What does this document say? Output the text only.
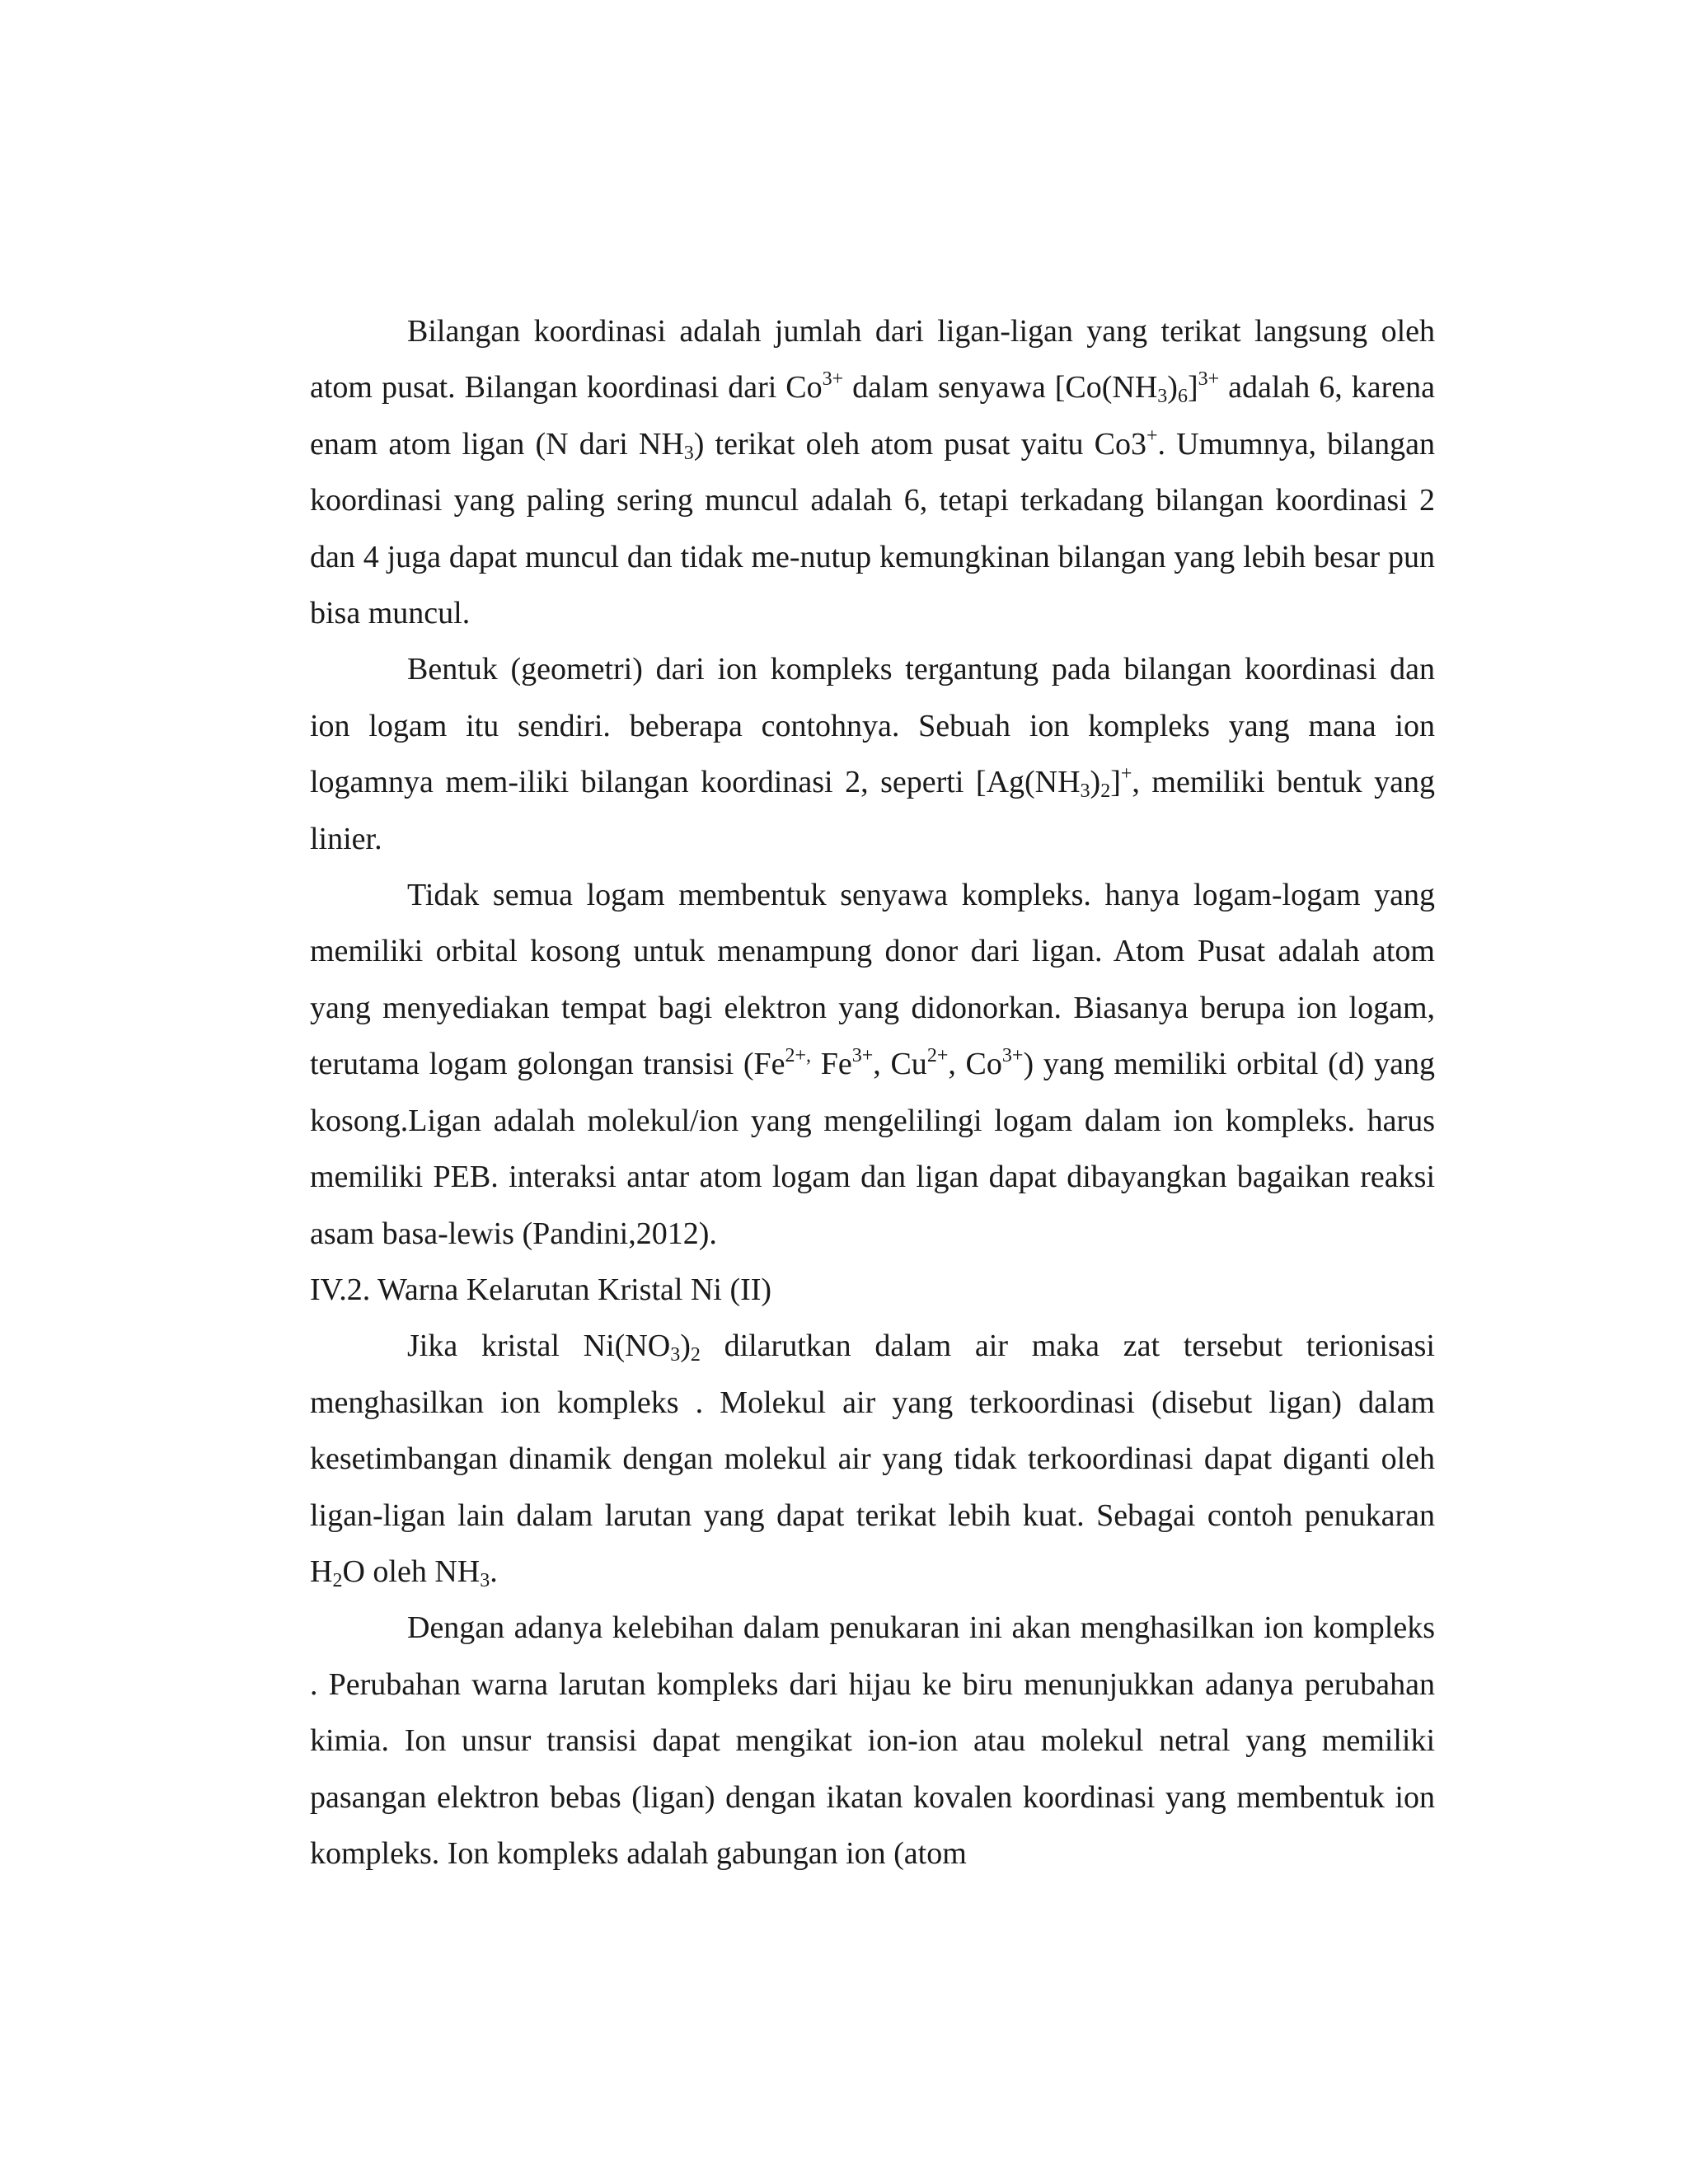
Bilangan koordinasi adalah jumlah dari ligan-ligan yang terikat langsung oleh atom pusat. Bilangan koordinasi dari $Co^{3+}$ dalam senyawa $[Co(NH_3)_6]^{3+}$ adalah 6, karena enam atom ligan (N dari $NH_3$) terikat oleh atom pusat yaitu Co3+. Umumnya, bilangan koordinasi yang paling sering muncul adalah 6, tetapi terkadang bilangan koordinasi 2 dan 4 juga dapat muncul dan tidak me-nutup kemungkinan bilangan yang lebih besar pun bisa muncul.

Bentuk (geometri) dari ion kompleks tergantung pada bilangan koordinasi dan ion logam itu sendiri. beberapa contohnya. Sebuah ion kompleks yang mana ion logamnya mem-iliki bilangan koordinasi 2, seperti $[Ag(NH_3)_2]^+$, memiliki bentuk yang linier.

Tidak semua logam membentuk senyawa kompleks. hanya logam-logam yang memiliki orbital kosong untuk menampung donor dari ligan. Atom Pusat adalah atom yang menyediakan tempat bagi elektron yang didonorkan. Biasanya berupa ion logam, terutama logam golongan transisi ($Fe^{2+,}$ $Fe^{3+}$, $Cu^{2+}$, $Co^{3+}$) yang memiliki orbital (d) yang kosong.Ligan adalah molekul/ion yang mengelilingi logam dalam ion kompleks. harus memiliki PEB. interaksi antar atom logam dan ligan dapat dibayangkan bagaikan reaksi asam basa-lewis (Pandini,2012).

IV.2. Warna Kelarutan Kristal Ni (II)

Jika kristal $Ni(NO_3)_2$ dilarutkan dalam air maka zat tersebut terionisasi menghasilkan ion kompleks . Molekul air yang terkoordinasi (disebut ligan) dalam kesetimbangan dinamik dengan molekul air yang tidak terkoordinasi dapat diganti oleh ligan-ligan lain dalam larutan yang dapat terikat lebih kuat. Sebagai contoh penukaran $H_2O$ oleh $NH_3$.

Dengan adanya kelebihan dalam penukaran ini akan menghasilkan ion kompleks . Perubahan warna larutan kompleks dari hijau ke biru menunjukkan adanya perubahan kimia. Ion unsur transisi dapat mengikat ion-ion atau molekul netral yang memiliki pasangan elektron bebas (ligan) dengan ikatan kovalen koordinasi yang membentuk ion kompleks. Ion kompleks adalah gabungan ion (atom
